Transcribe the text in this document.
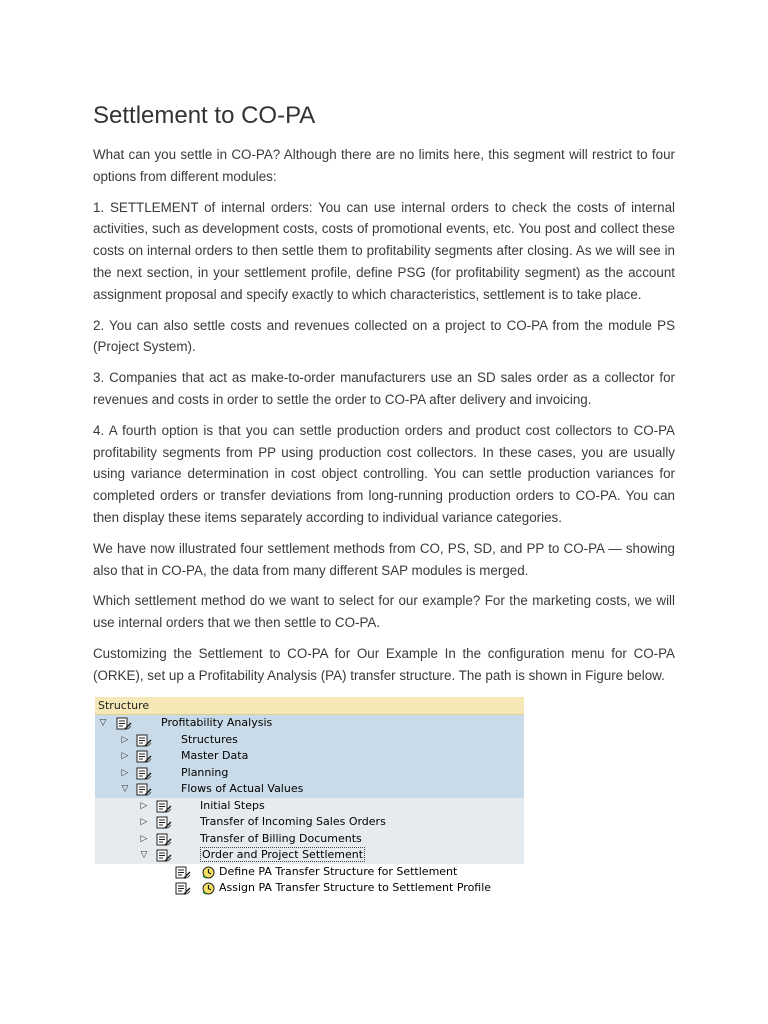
Settlement to CO-PA

What can you settle in CO-PA? Although there are no limits here, this segment will restrict to four options from different modules:

1. SETTLEMENT of internal orders: You can use internal orders to check the costs of internal activities, such as development costs, costs of promotional events, etc. You post and collect these costs on internal orders to then settle them to profitability segments after closing. As we will see in the next section, in your settlement profile, define PSG (for profitability segment) as the account assignment proposal and specify exactly to which characteristics, settlement is to take place.

2. You can also settle costs and revenues collected on a project to CO-PA from the module PS (Project System).

3. Companies that act as make-to-order manufacturers use an SD sales order as a collector for revenues and costs in order to settle the order to CO-PA after delivery and invoicing.

4. A fourth option is that you can settle production orders and product cost collectors to CO-PA profitability segments from PP using production cost collectors. In these cases, you are usually using variance determination in cost object controlling. You can settle production variances for completed orders or transfer deviations from long-running production orders to CO-PA. You can then display these items separately according to individual variance categories.

We have now illustrated four settlement methods from CO, PS, SD, and PP to CO-PA — showing also that in CO-PA, the data from many different SAP modules is merged.

Which settlement method do we want to select for our example? For the marketing costs, we will use internal orders that we then settle to CO-PA.

Customizing the Settlement to CO-PA for Our Example In the configuration menu for CO-PA (ORKE), set up a Profitability Analysis (PA) transfer structure. The path is shown in Figure below.

Structure
▽	Profitability Analysis
▷	Structures
▷	Master Data
▷	Planning
▽	Flows of Actual Values
▷	Initial Steps
▷	Transfer of Incoming Sales Orders
▷	Transfer of Billing Documents
▽	Order and Project Settlement
Define PA Transfer Structure for Settlement
Assign PA Transfer Structure to Settlement Profile
